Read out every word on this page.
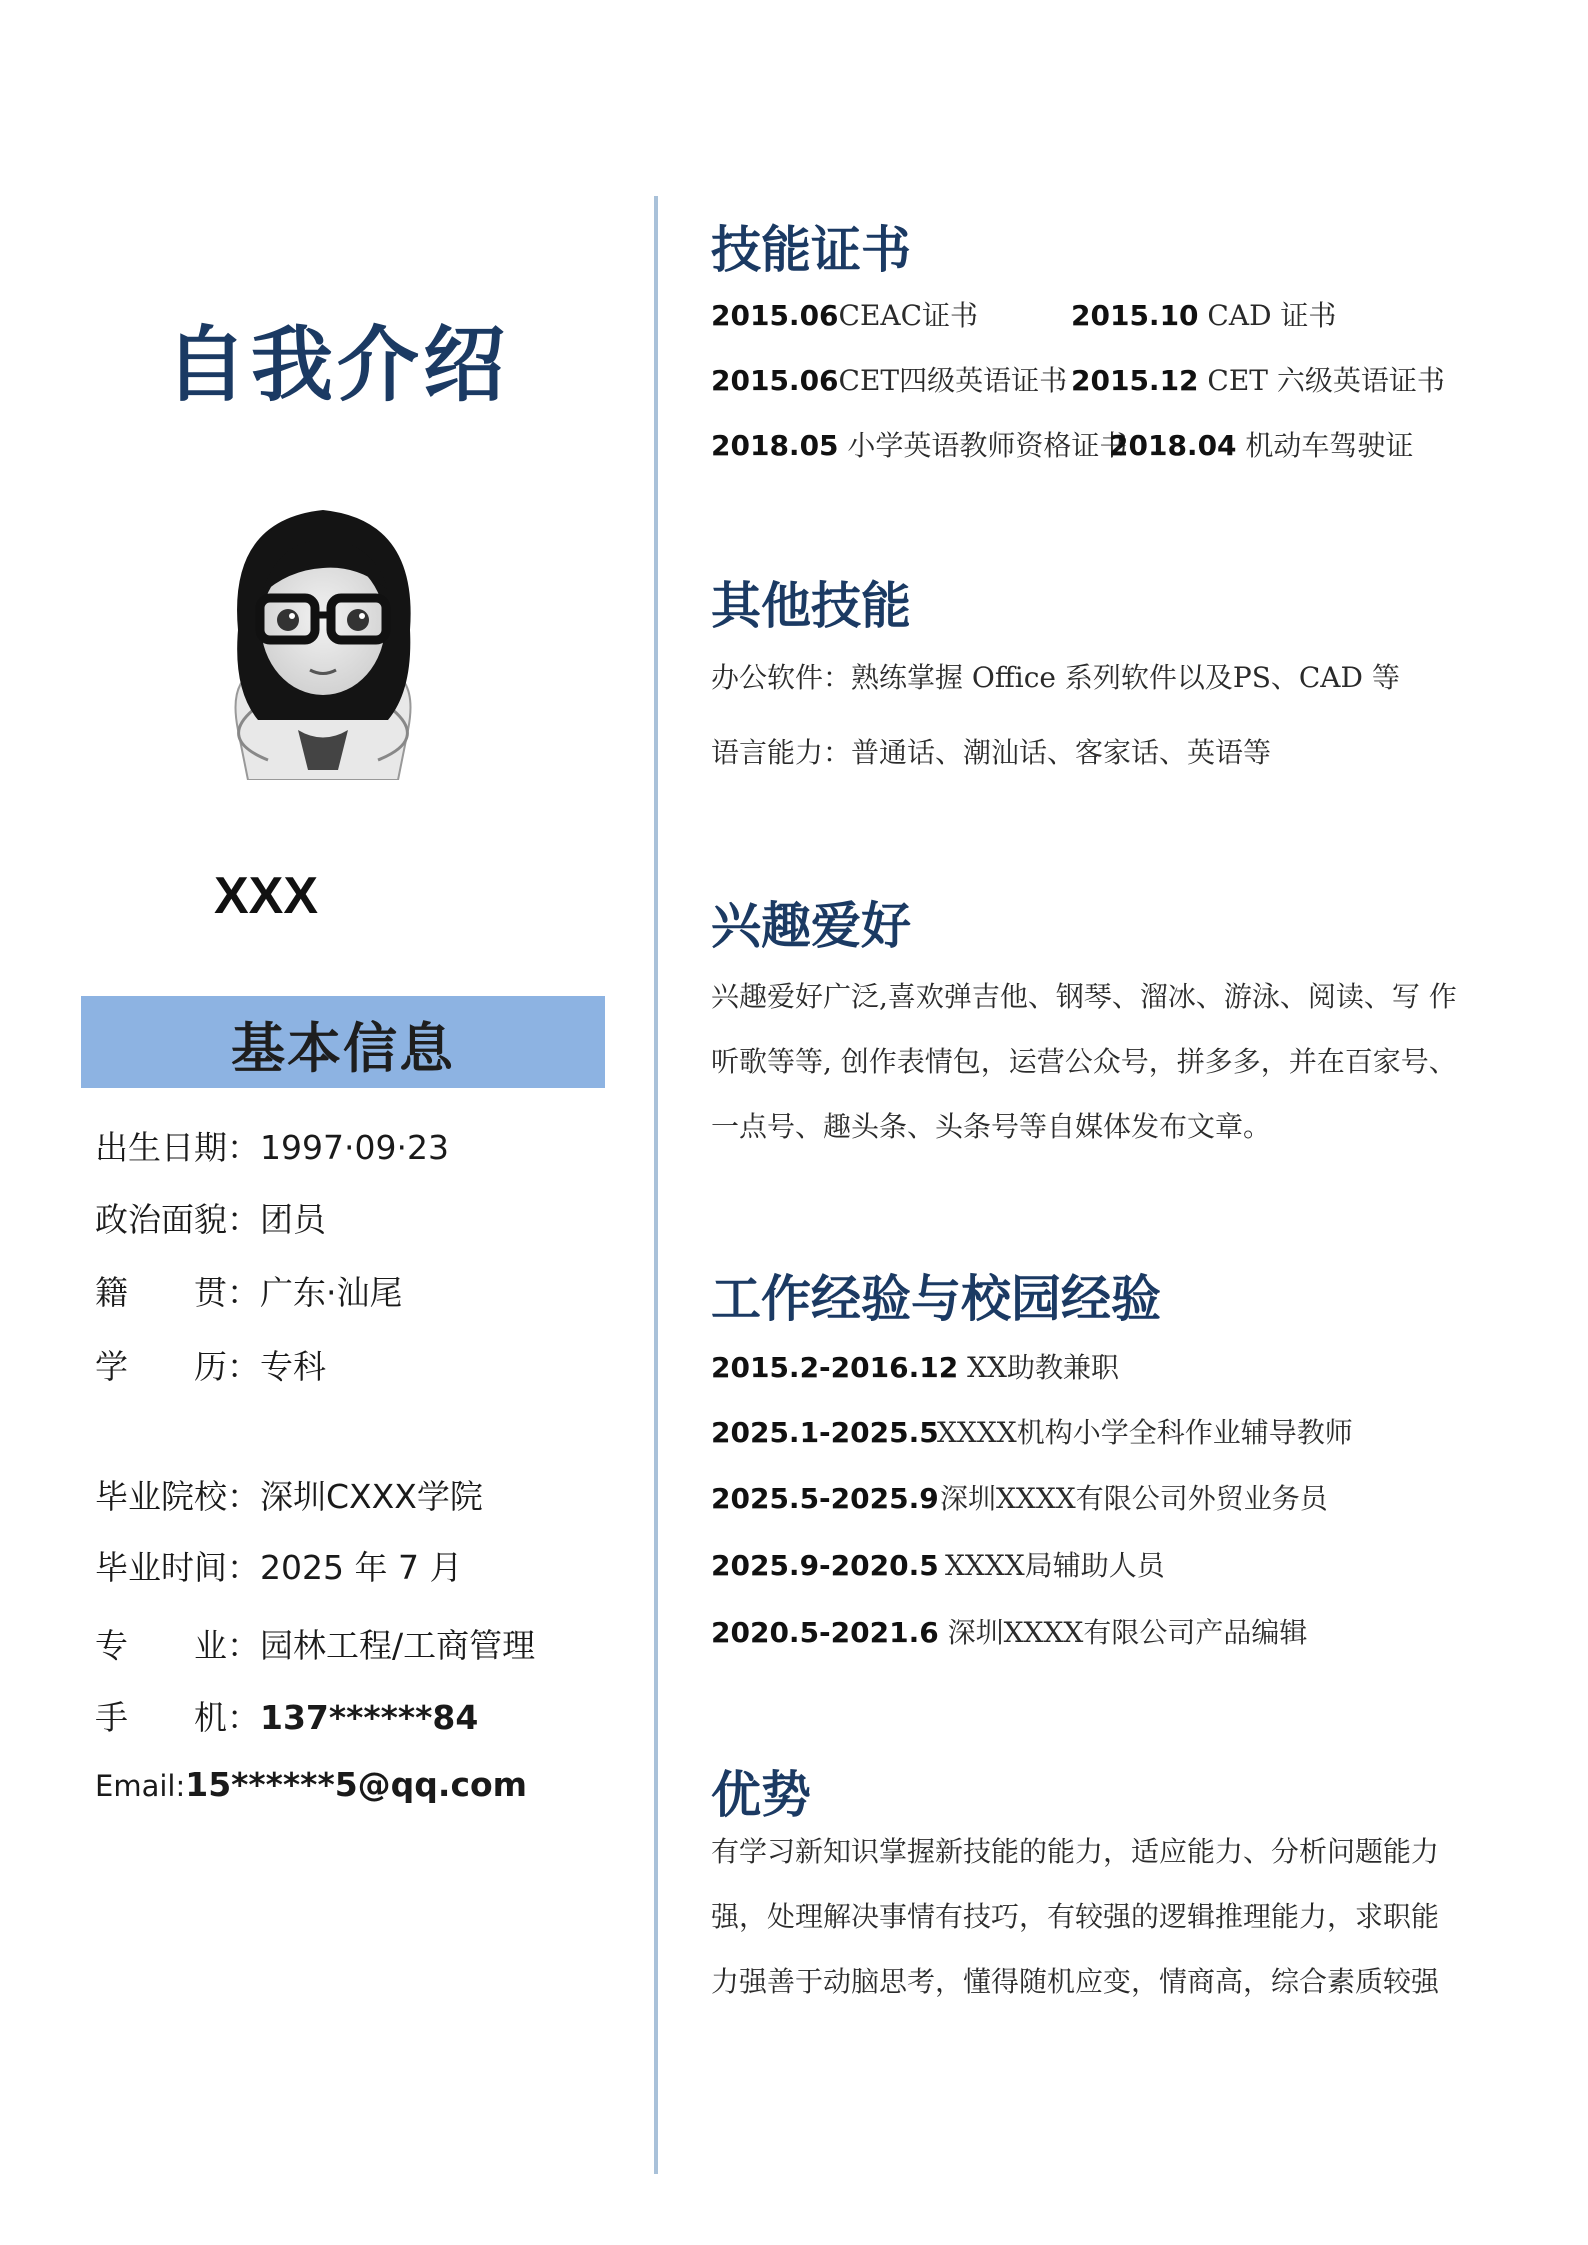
自我介绍
XXX
基本信息
出生日期：1997·09·23
政治面貌：团员
籍　　贯：广东·汕尾
学　　历：专科
毕业院校：深圳CXXX学院
毕业时间：2025 年 7 月
专　　业：园林工程/工商管理
手　　机：137******84
Email:15******5@qq.com
技能证书
2015.06CEAC证书	2015.10 CAD 证书
2015.06CET四级英语证书 2015.12 CET 六级英语证书
2018.05 小学英语教师资格证书2018.04 机动车驾驶证
其他技能
办公软件：熟练掌握 Office 系列软件以及PS、CAD 等
语言能力：普通话、潮汕话、客家话、英语等
兴趣爱好
兴趣爱好广泛,喜欢弹吉他、钢琴、溜冰、游泳、阅读、写 作
听歌等等, 创作表情包，运营公众号，拼多多，并在百家号、
一点号、趣头条、头条号等自媒体发布文章。
工作经验与校园经验
2015.2-2016.12 XX助教兼职
2025.1-2025.5XXXX机构小学全科作业辅导教师
2025.5-2025.9深圳XXXX有限公司外贸业务员
2025.9-2020.5 XXXX局辅助人员
2020.5-2021.6 深圳XXXX有限公司产品编辑
优势
有学习新知识掌握新技能的能力，适应能力、分析问题能力
强，处理解决事情有技巧，有较强的逻辑推理能力，求职能
力强善于动脑思考，懂得随机应变，情商高，综合素质较强
